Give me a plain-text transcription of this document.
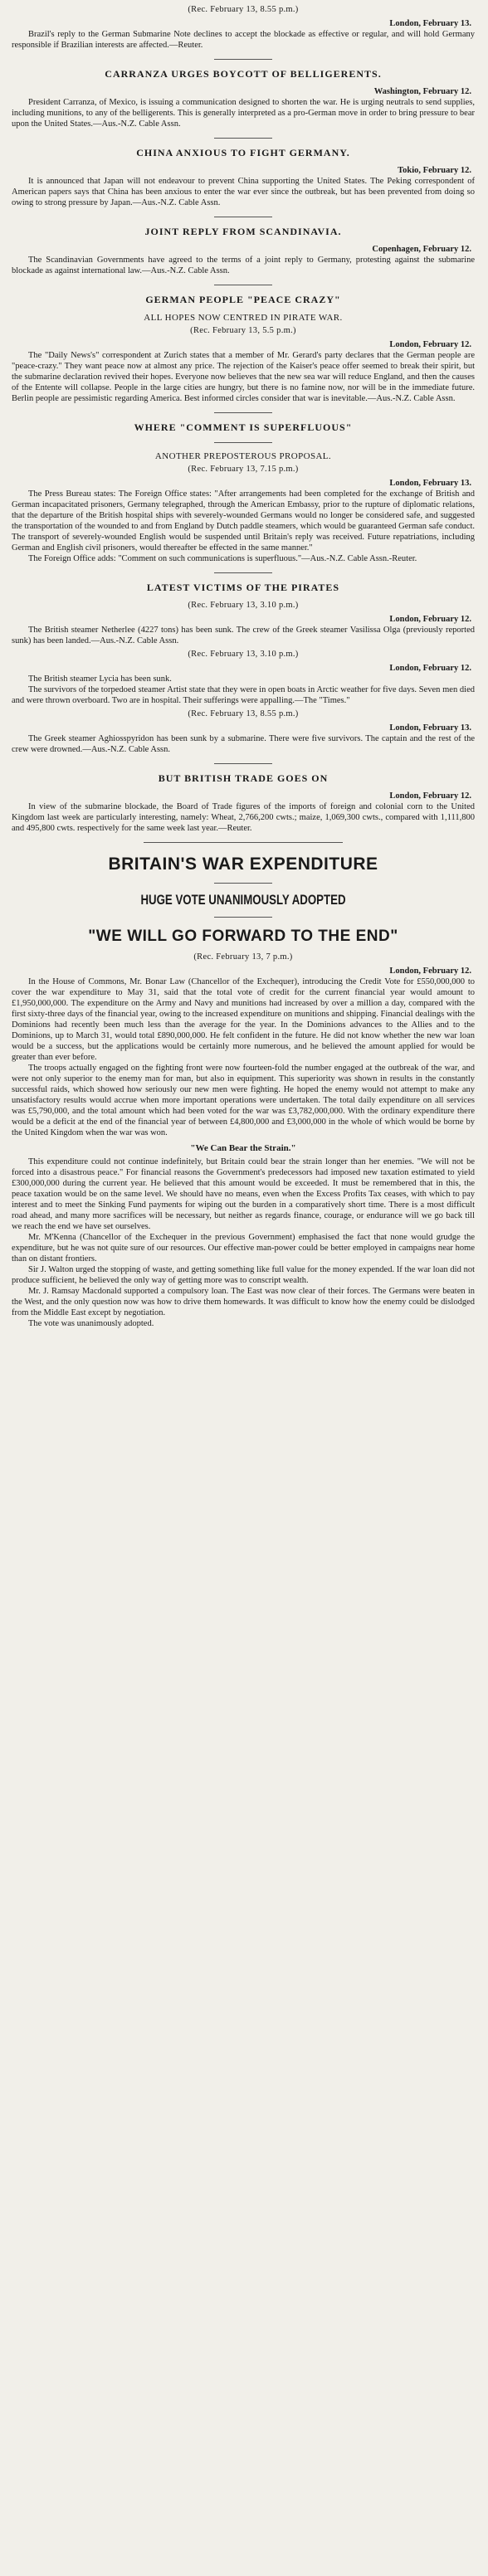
(Rec. February 13, 8.55 p.m.)

London, February 13.

Brazil's reply to the German Submarine Note declines to accept the blockade as effective or regular, and will hold Germany responsible if Brazilian interests are affected.—Reuter.

CARRANZA URGES BOYCOTT OF BELLIGERENTS.

Washington, February 12.

President Carranza, of Mexico, is issuing a communication designed to shorten the war. He is urging neutrals to send supplies, including munitions, to any of the belligerents. This is generally interpreted as a pro-German move in order to bring pressure to bear upon the United States.—Aus.-N.Z. Cable Assn.

CHINA ANXIOUS TO FIGHT GERMANY.

Tokio, February 12.

It is announced that Japan will not endeavour to prevent China supporting the United States. The Peking correspondent of American papers says that China has been anxious to enter the war ever since the outbreak, but has been prevented from doing so owing to strong pressure by Japan.—Aus.-N.Z. Cable Assn.

JOINT REPLY FROM SCANDINAVIA.

Copenhagen, February 12.

The Scandinavian Governments have agreed to the terms of a joint reply to Germany, protesting against the submarine blockade as against international law.—Aus.-N.Z. Cable Assn.

GERMAN PEOPLE "PEACE CRAZY"

ALL HOPES NOW CENTRED IN PIRATE WAR.

(Rec. February 13, 5.5 p.m.)

London, February 12.

The "Daily News's" correspondent at Zurich states that a member of Mr. Gerard's party declares that the German people are "peace-crazy." They want peace now at almost any price. The rejection of the Kaiser's peace offer seemed to break their spirit, but the submarine declaration revived their hopes. Everyone now believes that the new sea war will reduce England, and then the causes of the Entente will collapse. People in the large cities are hungry, but there is no famine now, nor will be in the immediate future. Berlin people are pessimistic regarding America. Best informed circles consider that war is inevitable.—Aus.-N.Z. Cable Assn.

WHERE "COMMENT IS SUPERFLUOUS"

ANOTHER PREPOSTEROUS PROPOSAL.

(Rec. February 13, 7.15 p.m.)

London, February 13.

The Press Bureau states: The Foreign Office states: "After arrangements had been completed for the exchange of British and German incapacitated prisoners, Germany telegraphed, through the American Embassy, prior to the rupture of diplomatic relations, that the departure of the British hospital ships with severely-wounded Germans would no longer be considered safe, and suggested the transportation of the wounded to and from England by Dutch paddle steamers, which would be guaranteed German safe conduct. The transport of severely-wounded English would be suspended until Britain's reply was received. Future repatriations, including German and English civil prisoners, would thereafter be effected in the same manner."

The Foreign Office adds: "Comment on such communications is superfluous."—Aus.-N.Z. Cable Assn.-Reuter.

LATEST VICTIMS OF THE PIRATES

(Rec. February 13, 3.10 p.m.)

London, February 12.

The British steamer Netherlee (4227 tons) has been sunk. The crew of the Greek steamer Vasilissa Olga (previously reported sunk) has been landed.—Aus.-N.Z. Cable Assn.

(Rec. February 13, 3.10 p.m.)

London, February 12.

The British steamer Lycia has been sunk.

The survivors of the torpedoed steamer Artist state that they were in open boats in Arctic weather for five days. Seven men died and were thrown overboard. Two are in hospital. Their sufferings were appalling.—The "Times."

(Rec. February 13, 8.55 p.m.)

London, February 13.

The Greek steamer Aghiosspyridon has been sunk by a submarine. There were five survivors. The captain and the rest of the crew were drowned.—Aus.-N.Z. Cable Assn.

BUT BRITISH TRADE GOES ON

London, February 12.

In view of the submarine blockade, the Board of Trade figures of the imports of foreign and colonial corn to the United Kingdom last week are particularly interesting, namely: Wheat, 2,766,200 cwts.; maize, 1,069,300 cwts., compared with 1,111,800 and 495,800 cwts. respectively for the same week last year.—Reuter.

BRITAIN'S WAR EXPENDITURE

HUGE VOTE UNANIMOUSLY ADOPTED

"WE WILL GO FORWARD TO THE END"

(Rec. February 13, 7 p.m.)

London, February 12.

In the House of Commons, Mr. Bonar Law (Chancellor of the Exchequer), introducing the Credit Vote for £550,000,000 to cover the war expenditure to May 31, said that the total vote of credit for the current financial year would amount to £1,950,000,000. The expenditure on the Army and Navy and munitions had increased by over a million a day, compared with the first sixty-three days of the financial year, owing to the increased expenditure on munitions and shipping. Financial dealings with the Dominions had recently been much less than the average for the year. In the Dominions advances to the Allies and to the Dominions, up to March 31, would total £890,000,000. He felt confident in the future. He did not know whether the new war loan would be a success, but the applications would be certainly more numerous, and he believed the amount applied for would be greater than ever before.

The troops actually engaged on the fighting front were now fourteen-fold the number engaged at the outbreak of the war, and were not only superior to the enemy man for man, but also in equipment. This superiority was shown in results in the constantly successful raids, which showed how seriously our new men were fighting. He hoped the enemy would not attempt to make any unsatisfactory results would accrue when more important operations were undertaken. The total daily expenditure on all services was £5,790,000, and the total amount which had been voted for the war was £3,782,000,000. With the ordinary expenditure there would be a deficit at the end of the financial year of between £4,800,000 and £3,000,000 in the whole of which would be borne by the United Kingdom when the war was won.

"We Can Bear the Strain."

This expenditure could not continue indefinitely, but Britain could bear the strain longer than her enemies. "We will not be forced into a disastrous peace." For financial reasons the Government's predecessors had imposed new taxation estimated to yield £300,000,000 during the current year. He believed that this amount would be exceeded. It must be remembered that in this, the peace taxation would be on the same level. We should have no means, even when the Excess Profits Tax ceases, with which to pay interest and to meet the Sinking Fund payments for wiping out the burden in a comparatively short time. There is a most difficult road ahead, and many more sacrifices will be necessary, but neither as regards finance, courage, or endurance will we go back till we reach the end we have set ourselves.

Mr. M'Kenna (Chancellor of the Exchequer in the previous Government) emphasised the fact that none would grudge the expenditure, but he was not quite sure of our resources. Our effective man-power could be better employed in campaigns near home than on distant frontiers.

Sir J. Walton urged the stopping of waste, and getting something like full value for the money expended. If the war loan did not produce sufficient, he believed the only way of getting more was to conscript wealth.

Mr. J. Ramsay Macdonald supported a compulsory loan. The East was now clear of their forces. The Germans were beaten in the West, and the only question now was how to drive them homewards. It was difficult to know how the enemy could be dislodged from the Middle East except by negotiation.

The vote was unanimously adopted.
